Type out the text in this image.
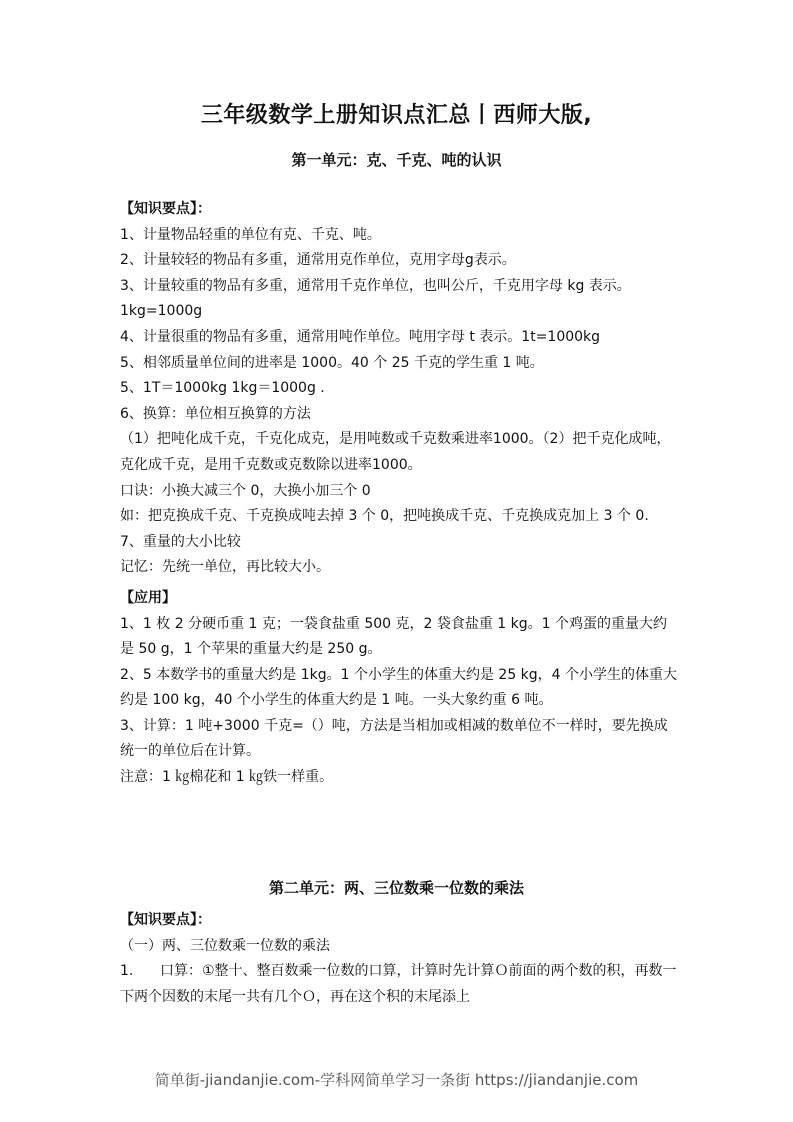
三年级数学上册知识点汇总丨西师大版,
第一单元：克、千克、吨的认识

【知识要点】：

1、计量物品轻重的单位有克、千克、吨。

2、计量较轻的物品有多重，通常用克作单位，克用字母g表示。

3、计量较重的物品有多重，通常用千克作单位，也叫公斤，千克用字母 kg 表示。1kg=1000g

4、计量很重的物品有多重，通常用吨作单位。吨用字母 t 表示。1t=1000kg

5、相邻质量单位间的进率是 1000。40 个 25 千克的学生重 1 吨。

5、1T＝1000kg 1kg＝1000g .

6、换算：单位相互换算的方法

（1）把吨化成千克，千克化成克，是用吨数或千克数乘进率1000。（2）把千克化成吨，克化成千克，是用千克数或克数除以进率1000。

口诀：小换大减三个 0，大换小加三个 0

如：把克换成千克、千克换成吨去掉 3 个 0，把吨换成千克、千克换成克加上 3 个 0.

7、重量的大小比较

记忆：先统一单位，再比较大小。

【应用】

1、1 枚 2 分硬币重 1 克；一袋食盐重 500 克，2 袋食盐重 1 kg。1 个鸡蛋的重量大约是 50 g，1 个苹果的重量大约是 250 g。

2、5 本数学书的重量大约是 1kg。1 个小学生的体重大约是 25 kg，4 个小学生的体重大约是 100 kg，40 个小学生的体重大约是 1 吨。一头大象约重 6 吨。

3、计算：1 吨+3000 千克=（）吨，方法是当相加或相减的数单位不一样时，要先换成统一的单位后在计算。

注意：1 ㎏棉花和 1 ㎏铁一样重。

第二单元：两、三位数乘一位数的乘法

【知识要点】：

（一）两、三位数乘一位数的乘法

1. 口算：①整十、整百数乘一位数的口算，计算时先计算Ｏ前面的两个数的积，再数一下两个因数的末尾一共有几个Ｏ，再在这个积的末尾添上

简单街-jiandanjie.com-学科网简单学习一条街 https://jiandanjie.com
